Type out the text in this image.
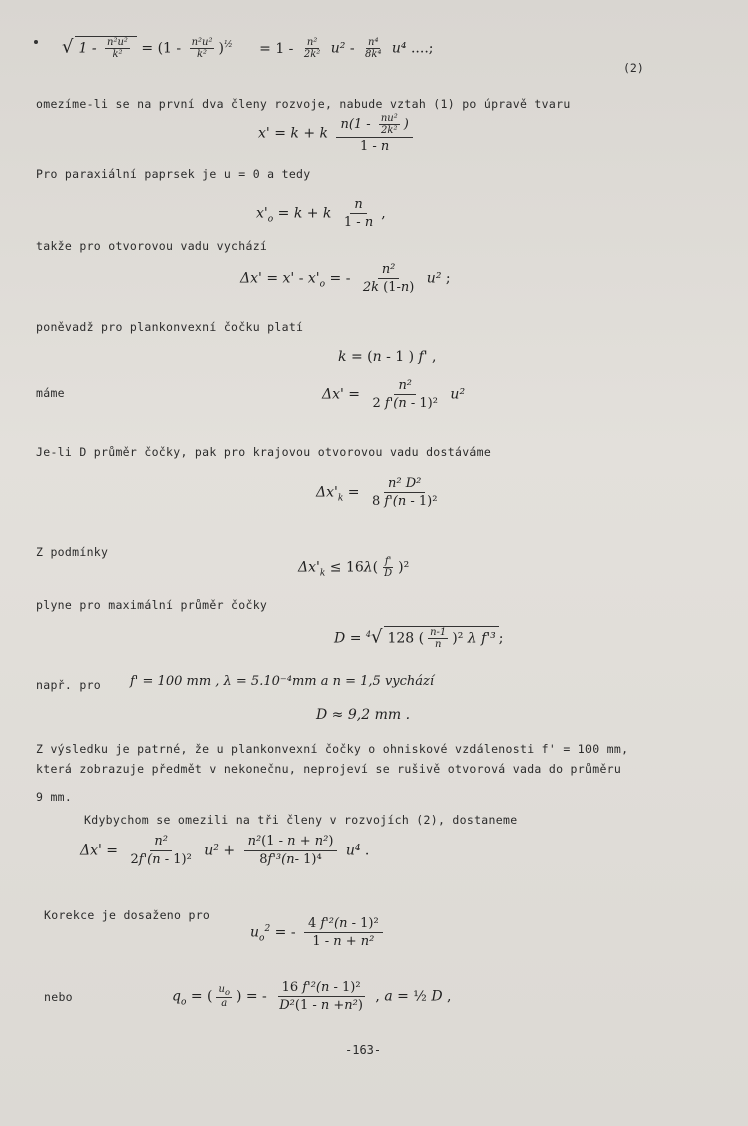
√ $1 - \frac{\text{n²u²}}{\text{k²}} = (1 - \frac{\text{n²u²}}{\text{k²}} )^{\frac{1}{2}} = 1 - \frac{\text{n²}}{\text{2k²}} u^2 - \frac{\text{n⁴}}{\text{8k⁴}} u^4$ ....;
(2)
omezíme-li se na první dva členy rozvoje, nabude vztah (1) po úpravě tvaru
x' = k + k $\frac{n(1 - \frac{\text{nu²}}{\text{2k²}} )}{1 - n}$
Pro paraxiální paprsek je u = 0 a tedy
$x'_o = k + k \frac{n}{1 - n}$ ,
takže pro otvorovou vadu vychází
$\Delta x' = x' - x'_o$ = - $\frac{\text{n²}}{2k (1-n)} u^2$ ;
poněvadž pro plankonvexní čočku platí
k = (n - 1 ) f' ,
máme	$\Delta x' = \frac{\text{n²}}{\text{2 f'(n - 1)²}} u^2$
Je-li D průměr čočky, pak pro krajovou otvorovou vadu dostáváme
$\Delta x'_k = \frac{\text{n² D²}}{\text{8 f'(n - 1)²}}$
Z podmínky
$\Delta x'_k \le 16\lambda( \frac{f'}{D} )^2$
plyne pro maximální průměr čočky
D = $^4$√ 128 ( $\frac{n-1}{n} )^2$ λ f'³ ;
např. pro f' = 100 mm , λ = 5.10⁻⁴mm a n = 1,5 vychází
D ≈ 9,2 mm .
Z výsledku je patrné, že u plankonvexní čočky o ohniskové vzdálenosti f' = 100 mm,
která zobrazuje předmět v nekonečnu, neprojeví se rušivě otvorová vada do průměru
9 mm.
Kdybychom se omezili na tři členy v rozvojích (2), dostaneme
$\Delta x' = \frac{\text{n²}}{\text{2f'(n - 1)²}} u^2 + \frac{\text{n²(1 - n + n²)}}{\text{8f'³(n- 1)⁴}} u^4$ .
Korekce je dosaženo pro
$u_o^2$ = - $\frac{\text{4 f'²(n - 1)²}}{\text{1 - n + n²}}$
nebo	$q_o$ = ( $\frac{u_o}{a}$ ) = - $\frac{\text{16 f'²(n - 1)²}}{\text{D²(1 - n +n²)}}$ , a = ½ D ,
-163-
